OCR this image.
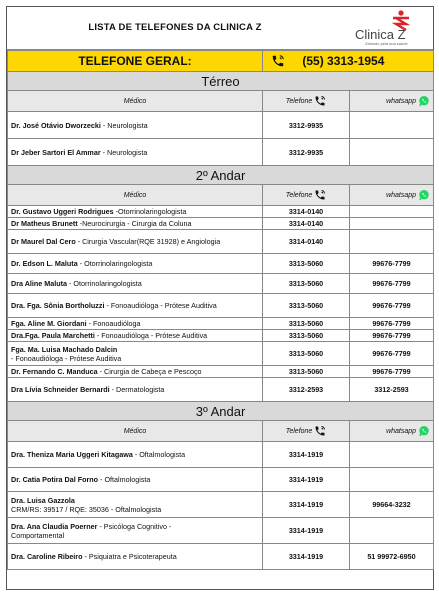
LISTA DE TELEFONES DA CLINICA Z	Clinica Z
Zelando pela sua saúde
TELEFONE GERAL:	(55) 3313-1954	
Térreo		
Médico	Telefone	whatsapp
Dr. José Otávio Dworzecki - Neurologista	3312-9935	
Dr Jeber Sartori El Ammar - Neurologista	3312-9935	
2º Andar		
Médico	Telefone	whatsapp
Dr. Gustavo Uggeri Rodrigues -Otorrinolaringologista	3314-0140	
Dr Matheus Brunett -Neurocirurgia - Cirurgia da Coluna	3314-0140	
Dr Maurel Dal Cero - Cirurgia Vascular(RQE 31928) e Angiologia	3314-0140	
Dr. Edson L. Maluta - Otorrinolaringologista	3313-5060	99676-7799
Dra Aline Maluta - Otorrinolaringologista	3313-5060	99676-7799
Dra. Fga. Sônia Bortholuzzi - Fonoaudióloga - Prótese Auditiva	3313-5060	99676-7799
Fga. Aline M. Giordani - Fonoaudióloga	3313-5060	99676-7799
Dra.Fga. Paula Marchetti - Fonoaudióloga - Prótese Auditiva	3313-5060	99676-7799
Fga. Ma. Luisa Machado Dalcin
- Fonoaudióloga - Prótese Auditiva	3313-5060	99676-7799
Dr. Fernando C. Manduca - Cirurgia de Cabeça e Pescoço	3313-5060	99676-7799
Dra Lívia Schneider Bernardi - Dermatologista	3312-2593	3312-2593
3º Andar		
Médico	Telefone	whatsapp
Dra. Theniza Maria Uggeri Kitagawa - Oftalmologista	3314-1919	
Dr. Catia Potira Dal Forno - Oftalmologista	3314-1919	
Dra. Luisa Gazzola
CRM/RS: 39517 / RQE: 35036 - Oftalmologista	3314-1919	99664-3232
Dra. Ana Claudia Poerner - Psicóloga Cognitivo -
Comportamental	3314-1919	
Dra. Caroline Ribeiro - Psiquiatra e Psicoterapeuta	3314-1919	51 99972-6950
